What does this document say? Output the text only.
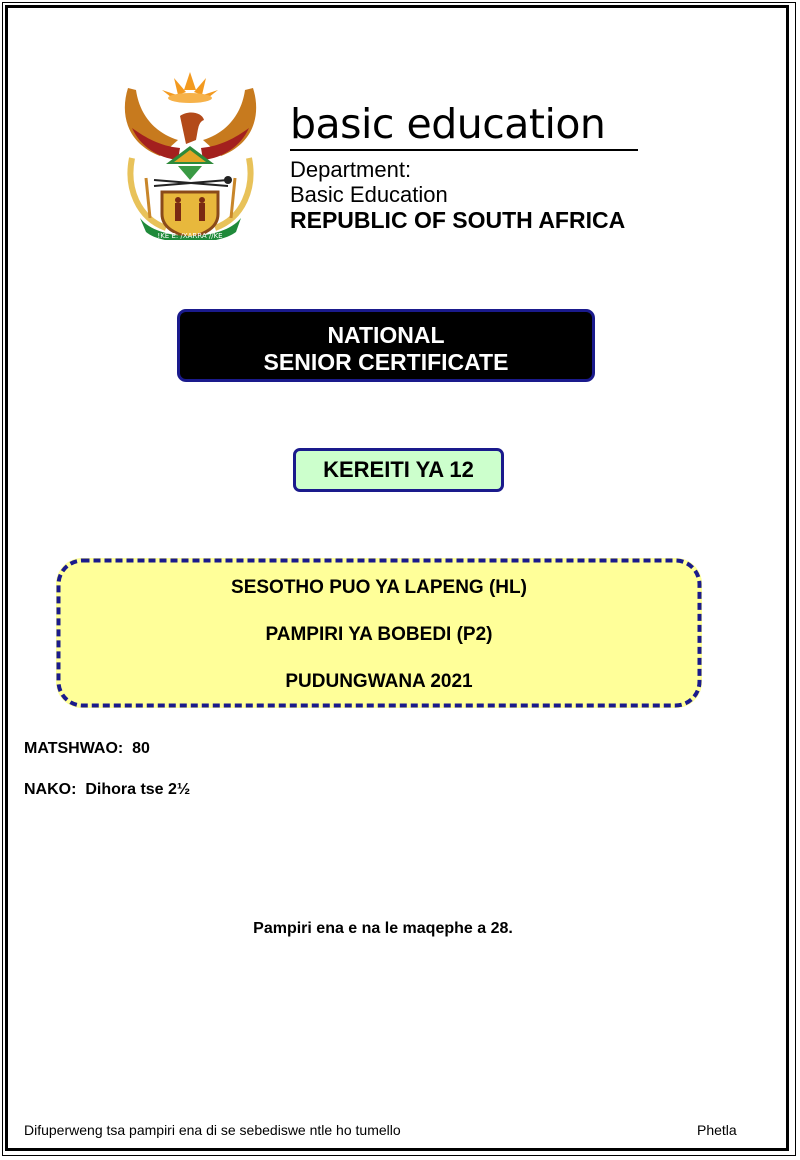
!KE E: /XARRA //KE
basic education
Department:
Basic Education
REPUBLIC OF SOUTH AFRICA
NATIONAL
SENIOR CERTIFICATE
KEREITI YA 12
SESOTHO PUO YA LAPENG (HL)
PAMPIRI YA BOBEDI (P2)
PUDUNGWANA 2021
MATSHWAO: 80
NAKO: Dihora tse 2½
Pampiri ena e na le maqephe a 28.
Difuperweng tsa pampiri ena di se sebediswe ntle ho tumello	Phetla
